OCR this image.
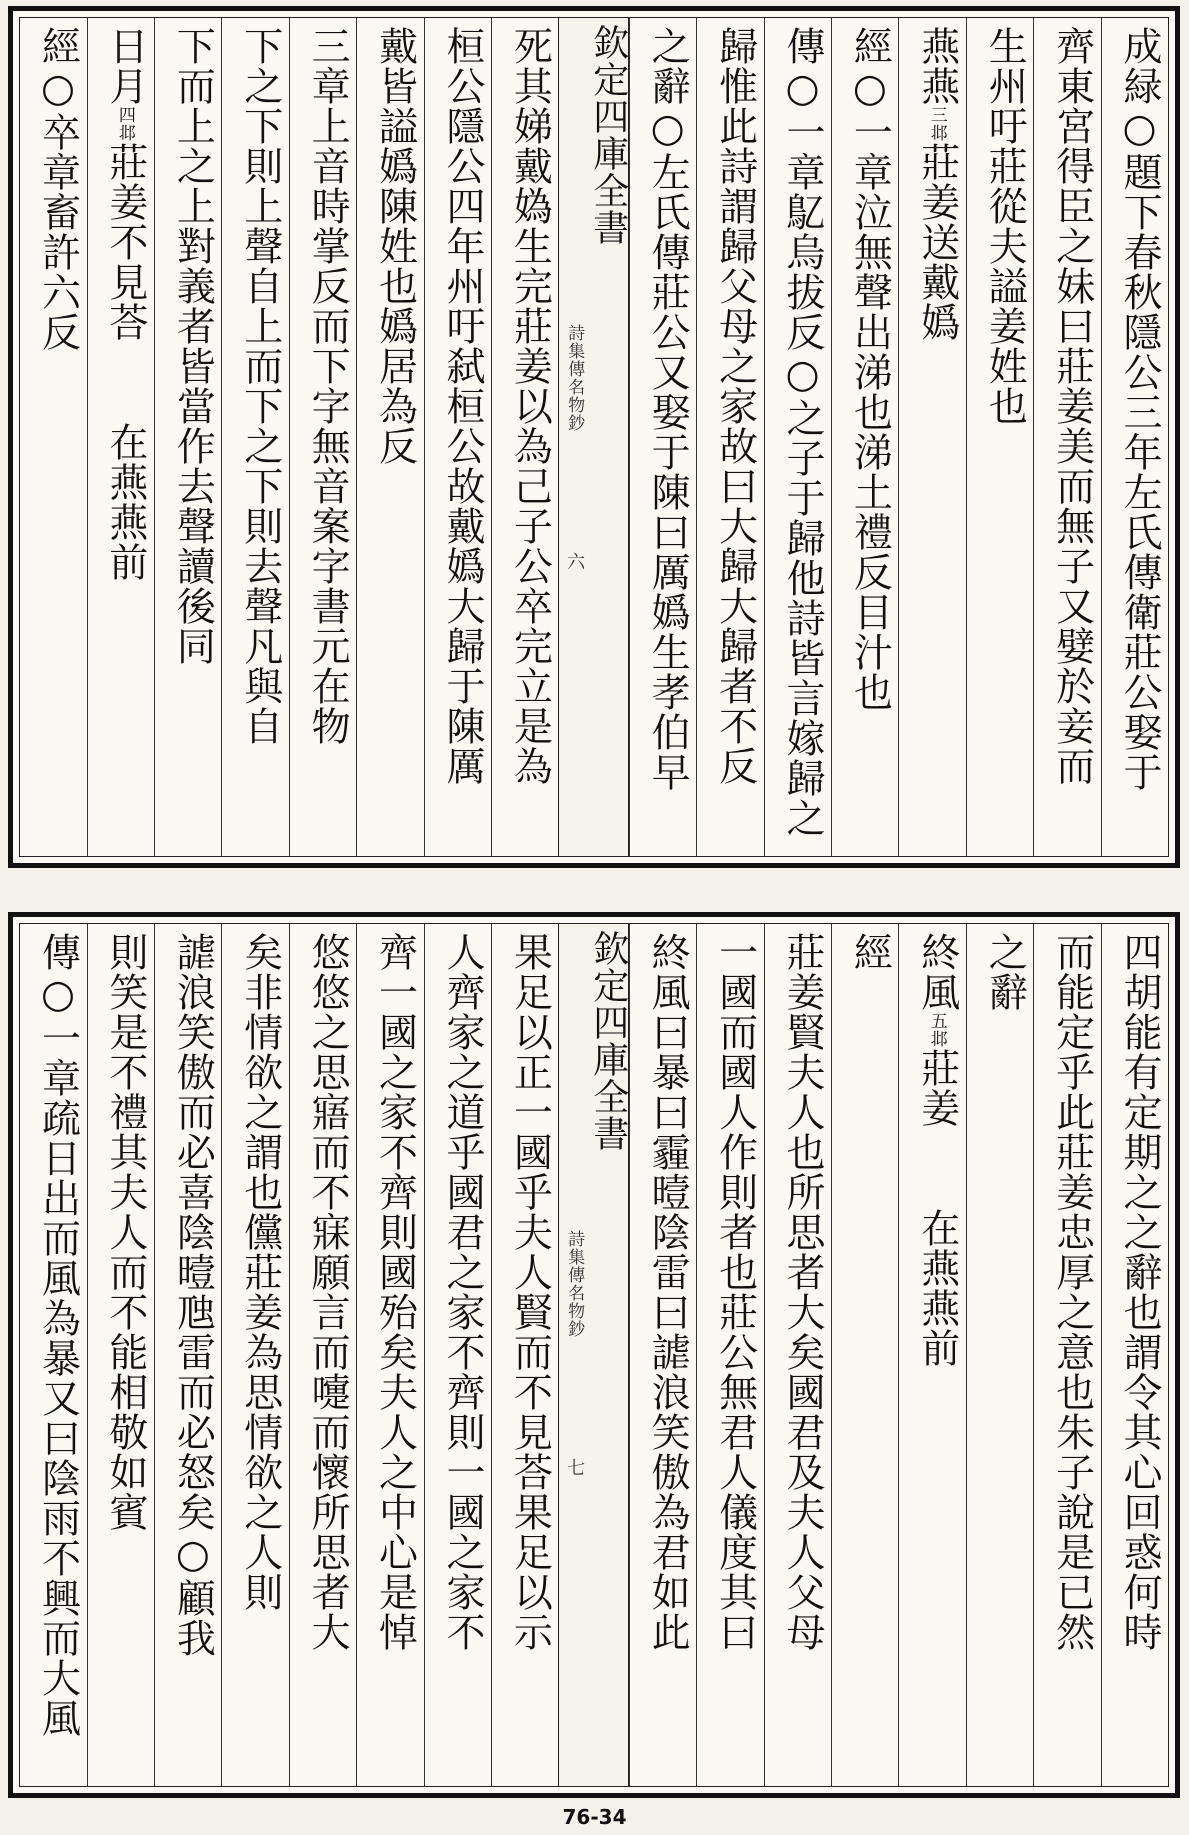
成緑○題下春秋隱公三年左氏傳衛莊公娶于
齊東宮得臣之妹曰莊姜美而無子又嬖於妾而
生州吁莊從夫謚姜姓也
燕燕三邶莊姜送戴嬀
經○一章泣無聲出涕也涕土禮反目汁也
傳○一章鳦烏拔反○之子于歸他詩皆言嫁歸之
歸惟此詩謂歸父母之家故曰大歸大歸者不反
之辭○左氏傳莊公又娶于陳曰厲嬀生孝伯早
欽定四庫全書
詩集傳名物鈔六
死其娣戴媯生完莊姜以為己子公卒完立是為
桓公隱公四年州吁弑桓公故戴嬀大歸于陳厲
戴皆謚嬀陳姓也嬀居為反
三章上音時掌反而下字無音案字書元在物
下之下則上聲自上而下之下則去聲凡與自
下而上之上對義者皆當作去聲讀後同
日月四邶莊姜不見荅在燕燕前
經○卒章畜許六反
四胡能有定期之之辭也謂令其心回惑何時
而能定乎此莊姜忠厚之意也朱子說是已然
之辭
終風五邶莊姜在燕燕前
經
莊姜賢夫人也所思者大矣國君及夫人父母
一國而國人作則者也莊公無君人儀度其曰
終風曰暴曰霾曀陰雷曰謔浪笑傲為君如此
欽定四庫全書
詩集傳名物鈔七
果足以正一國乎夫人賢而不見荅果足以示
人齊家之道乎國君之家不齊則一國之家不
齊一國之家不齊則國殆矣夫人之中心是悼
悠悠之思寤而不寐願言而嚏而懷所思者大
矣非情欲之謂也儻莊姜為思情欲之人則
謔浪笑傲而必喜陰曀虺雷而必怒矣○顧我
則笑是不禮其夫人而不能相敬如賓
傳○一章疏日出而風為暴又曰陰雨不興而大風
76-34
